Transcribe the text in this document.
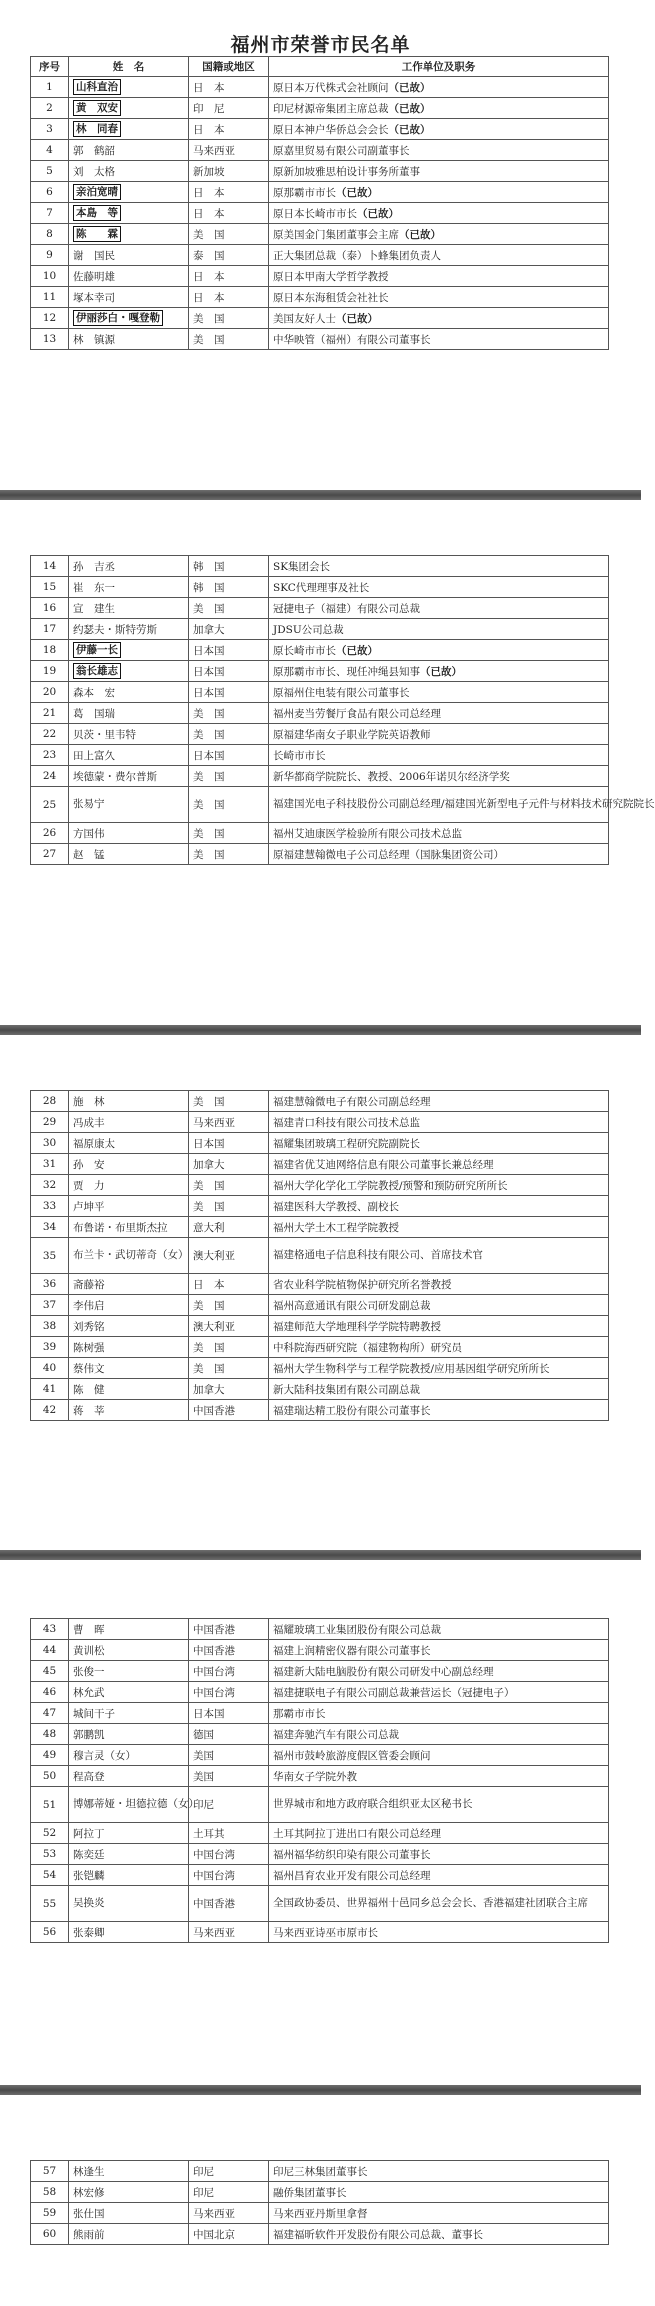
福州市荣誉市民名单
序号	姓　名	国籍或地区	工作单位及职务
1	山科直治	日　本	原日本万代株式会社顾问（已故）
2	黄　双安	印　尼	印尼材源帝集团主席总裁（已故）
3	林　同春	日　本	原日本神户华侨总会会长（已故）
4	郭　鹤韶	马来西亚	原嘉里贸易有限公司副董事长
5	刘　太格	新加坡	原新加坡雅思柏设计事务所董事
6	亲泊宽晴	日　本	原那霸市市长（已故）
7	本島　等	日　本	原日本长崎市市长（已故）
8	陈　　霖	美　国	原美国金门集团董事会主席（已故）
9	谢　国民	泰　国	正大集团总裁（泰）卜蜂集团负责人
10	佐藤明雄	日　本	原日本甲南大学哲学教授
11	塚本幸司	日　本	原日本东海租赁会社社长
12	伊丽莎白・嘎登勒	美　国	美国友好人士（已故）
13	林　镇源	美　国	中华映管（福州）有限公司董事长
14	孙　吉丞	韩　国	SK集团会长
15	崔　东一	韩　国	SKC代理理事及社长
16	宣　建生	美　国	冠捷电子（福建）有限公司总裁
17	约瑟夫・斯特劳斯	加拿大	JDSU公司总裁
18	伊藤一长	日本国	原长崎市市长（已故）
19	翁长雄志	日本国	原那霸市市长、现任冲绳县知事（已故）
20	森本　宏	日本国	原福州住电装有限公司董事长
21	葛　国瑞	美　国	福州麦当劳餐厅食品有限公司总经理
22	贝茨・里韦特	美　国	原福建华南女子职业学院英语教师
23	田上富久	日本国	长崎市市长
24	埃德蒙・费尔普斯	美　国	新华都商学院院长、教授、2006年诺贝尔经济学奖
25	张易宁	美　国	福建国光电子科技股份公司副总经理/福建国光新型电子元件与材料技术研究院院长
26	方国伟	美　国	福州艾迪康医学检验所有限公司技术总监
27	赵　锰	美　国	原福建慧翰微电子公司总经理（国脉集团资公司）
28	施　林	美　国	福建慧翰微电子有限公司副总经理
29	冯成丰	马来西亚	福建青口科技有限公司技术总监
30	福原康太	日本国	福耀集团玻璃工程研究院副院长
31	孙　安	加拿大	福建省优艾迪网络信息有限公司董事长兼总经理
32	贾　力	美　国	福州大学化学化工学院教授/预警和预防研究所所长
33	卢坤平	美　国	福建医科大学教授、副校长
34	布鲁诺・布里斯杰拉	意大利	福州大学土木工程学院教授
35	布兰卡・武切蒂奇（女）	澳大利亚	福建格通电子信息科技有限公司、首席技术官
36	斋藤裕	日　本	省农业科学院植物保护研究所名誉教授
37	李伟启	美　国	福州高意通讯有限公司研发副总裁
38	刘秀铭	澳大利亚	福建师范大学地理科学学院特聘教授
39	陈树强	美　国	中科院海西研究院（福建物构所）研究员
40	蔡伟文	美　国	福州大学生物科学与工程学院教授/应用基因组学研究所所长
41	陈　健	加拿大	新大陆科技集团有限公司副总裁
42	蒋　莘	中国香港	福建瑞达精工股份有限公司董事长
43	曹　晖	中国香港	福耀玻璃工业集团股份有限公司总裁
44	黄训松	中国香港	福建上润精密仪器有限公司董事长
45	张俊一	中国台湾	福建新大陆电脑股份有限公司研发中心副总经理
46	林允武	中国台湾	福建捷联电子有限公司副总裁兼营运长（冠捷电子）
47	城间干子	日本国	那霸市市长
48	郭鹏凯	德国	福建奔驰汽车有限公司总裁
49	穆言灵（女）	美国	福州市鼓岭旅游度假区管委会顾问
50	程高登	美国	华南女子学院外教
51	博娜蒂娅・坦德拉德（女）	印尼	世界城市和地方政府联合组织亚太区秘书长
52	阿拉丁	土耳其	土耳其阿拉丁进出口有限公司总经理
53	陈奕廷	中国台湾	福州福华纺织印染有限公司董事长
54	张铠麟	中国台湾	福州昌育农业开发有限公司总经理
55	吴换炎	中国香港	全国政协委员、世界福州十邑同乡总会会长、香港福建社团联合主席
56	张泰卿	马来西亚	马来西亚诗巫市原市长
57	林逢生	印尼	印尼三林集团董事长
58	林宏修	印尼	融侨集团董事长
59	张仕国	马来西亚	马来西亚丹斯里拿督
60	熊雨前	中国北京	福建福昕软件开发股份有限公司总裁、董事长
